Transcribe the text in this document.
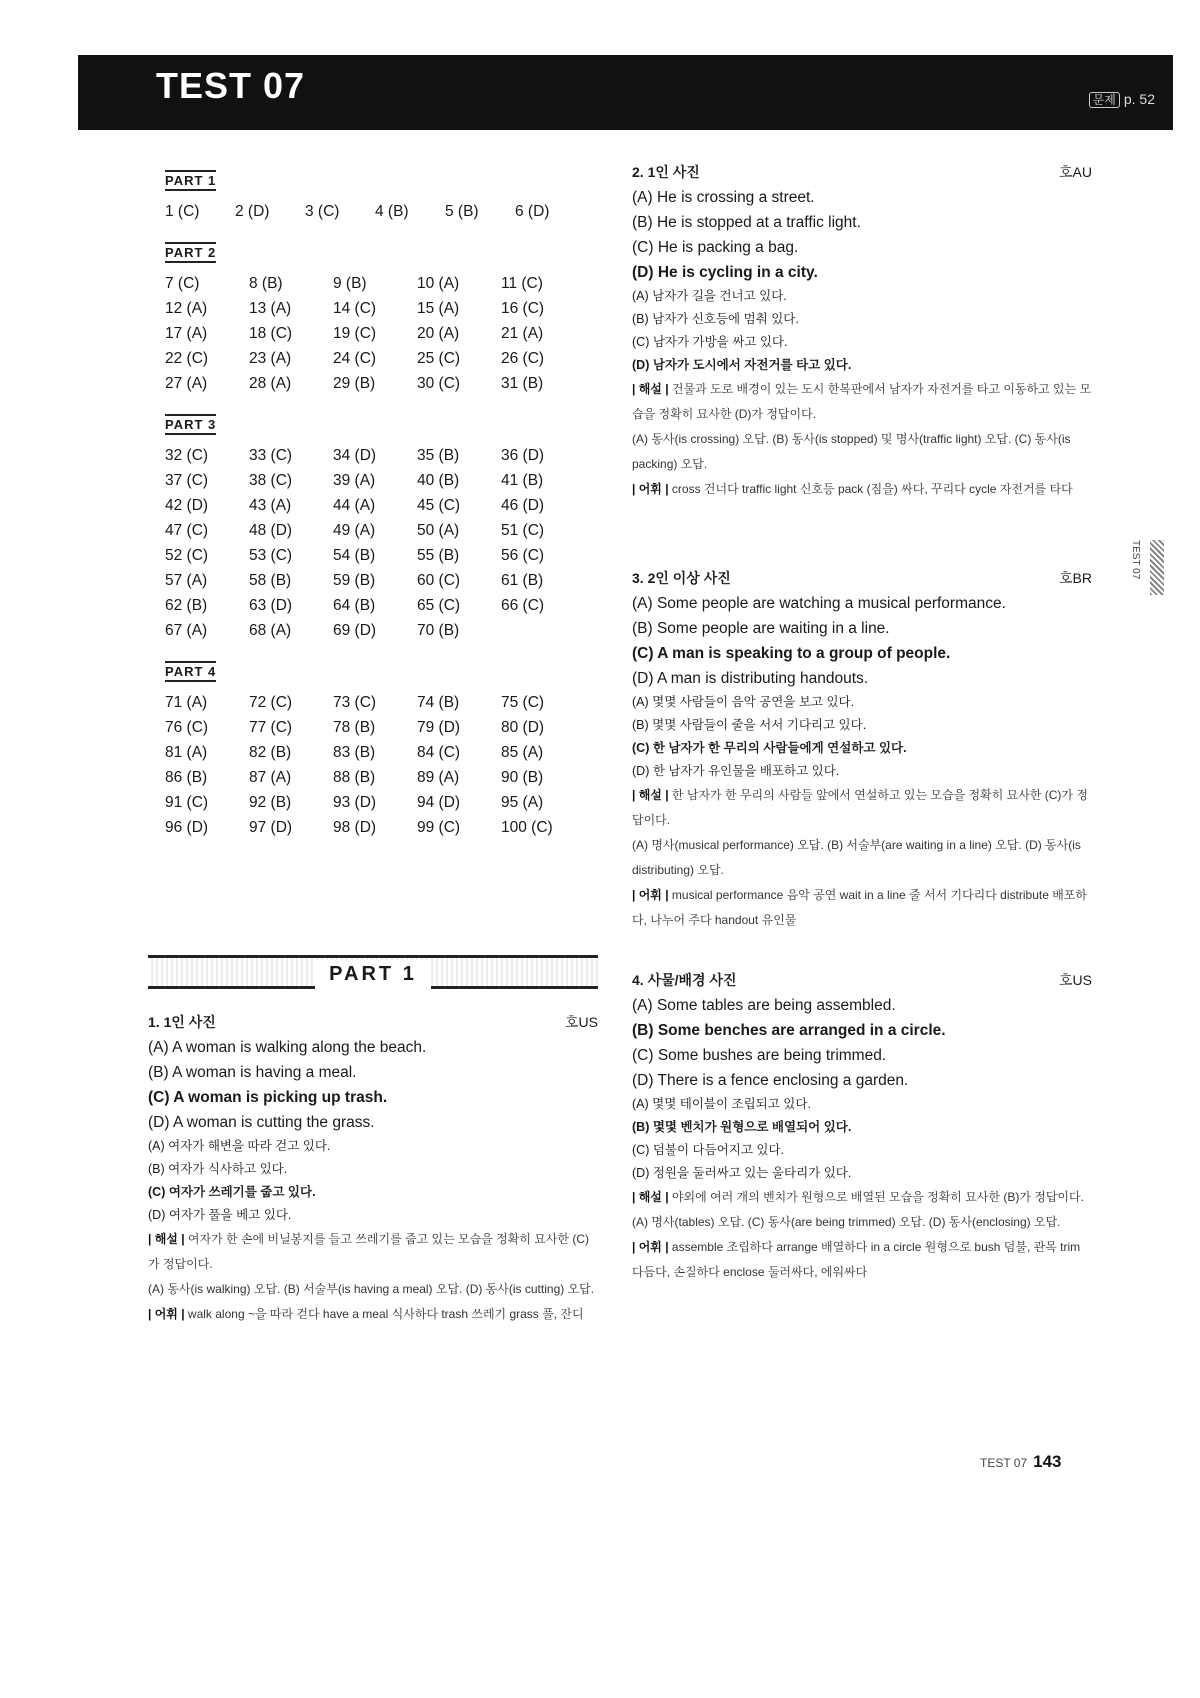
TEST 07	문제 p. 52
PART 1
1 (C)	2 (D)	3 (C)	4 (B)	5 (B)	6 (D)
PART 2
7 (C)	8 (B)	9 (B)	10 (A)	11 (C)
12 (A)	13 (A)	14 (C)	15 (A)	16 (C)
17 (A)	18 (C)	19 (C)	20 (A)	21 (A)
22 (C)	23 (A)	24 (C)	25 (C)	26 (C)
27 (A)	28 (A)	29 (B)	30 (C)	31 (B)
PART 3
32 (C)	33 (C)	34 (D)	35 (B)	36 (D)
37 (C)	38 (C)	39 (A)	40 (B)	41 (B)
42 (D)	43 (A)	44 (A)	45 (C)	46 (D)
47 (C)	48 (D)	49 (A)	50 (A)	51 (C)
52 (C)	53 (C)	54 (B)	55 (B)	56 (C)
57 (A)	58 (B)	59 (B)	60 (C)	61 (B)
62 (B)	63 (D)	64 (B)	65 (C)	66 (C)
67 (A)	68 (A)	69 (D)	70 (B)
PART 4
71 (A)	72 (C)	73 (C)	74 (B)	75 (C)
76 (C)	77 (C)	78 (B)	79 (D)	80 (D)
81 (A)	82 (B)	83 (B)	84 (C)	85 (A)
86 (B)	87 (A)	88 (B)	89 (A)	90 (B)
91 (C)	92 (B)	93 (D)	94 (D)	95 (A)
96 (D)	97 (D)	98 (D)	99 (C)	100 (C)
PART 1
1. 1인 사진	호US
(A) A woman is walking along the beach.
(B) A woman is having a meal.
(C) A woman is picking up trash.
(D) A woman is cutting the grass.
(A) 여자가 해변을 따라 걷고 있다.
(B) 여자가 식사하고 있다.
(C) 여자가 쓰레기를 줍고 있다.
(D) 여자가 풀을 베고 있다.
| 해설 | 여자가 한 손에 비닐봉지를 들고 쓰레기를 줍고 있는 모습을 정확히 묘사한 (C)가 정답이다.
(A) 동사(is walking) 오답. (B) 서술부(is having a meal) 오답. (D) 동사(is cutting) 오답.
| 어휘 | walk along ~을 따라 걷다 have a meal 식사하다 trash 쓰레기 grass 풀, 잔디
2. 1인 사진	호AU
(A) He is crossing a street.
(B) He is stopped at a traffic light.
(C) He is packing a bag.
(D) He is cycling in a city.
(A) 남자가 길을 건너고 있다.
(B) 남자가 신호등에 멈춰 있다.
(C) 남자가 가방을 싸고 있다.
(D) 남자가 도시에서 자전거를 타고 있다.
| 해설 | 건물과 도로 배경이 있는 도시 한복판에서 남자가 자전거를 타고 이동하고 있는 모습을 정확히 묘사한 (D)가 정답이다.
(A) 동사(is crossing) 오답. (B) 동사(is stopped) 및 명사(traffic light) 오답. (C) 동사(is packing) 오답.
| 어휘 | cross 건너다 traffic light 신호등 pack (짐을) 싸다, 꾸리다 cycle 자전거를 타다
3. 2인 이상 사진	호BR
(A) Some people are watching a musical performance.
(B) Some people are waiting in a line.
(C) A man is speaking to a group of people.
(D) A man is distributing handouts.
(A) 몇몇 사람들이 음악 공연을 보고 있다.
(B) 몇몇 사람들이 줄을 서서 기다리고 있다.
(C) 한 남자가 한 무리의 사람들에게 연설하고 있다.
(D) 한 남자가 유인물을 배포하고 있다.
| 해설 | 한 남자가 한 무리의 사람들 앞에서 연설하고 있는 모습을 정확히 묘사한 (C)가 정답이다.
(A) 명사(musical performance) 오답. (B) 서술부(are waiting in a line) 오답. (D) 동사(is distributing) 오답.
| 어휘 | musical performance 음악 공연 wait in a line 줄 서서 기다리다 distribute 배포하다, 나누어 주다 handout 유인물
4. 사물/배경 사진	호US
(A) Some tables are being assembled.
(B) Some benches are arranged in a circle.
(C) Some bushes are being trimmed.
(D) There is a fence enclosing a garden.
(A) 몇몇 테이블이 조립되고 있다.
(B) 몇몇 벤치가 원형으로 배열되어 있다.
(C) 덤불이 다듬어지고 있다.
(D) 정원을 둘러싸고 있는 울타리가 있다.
| 해설 | 야외에 여러 개의 벤치가 원형으로 배열된 모습을 정확히 묘사한 (B)가 정답이다.
(A) 명사(tables) 오답. (C) 동사(are being trimmed) 오답. (D) 동사(enclosing) 오답.
| 어휘 | assemble 조립하다 arrange 배열하다 in a circle 원형으로 bush 덤불, 관목 trim 다듬다, 손질하다 enclose 둘러싸다, 에워싸다
TEST 07
TEST 07 143
